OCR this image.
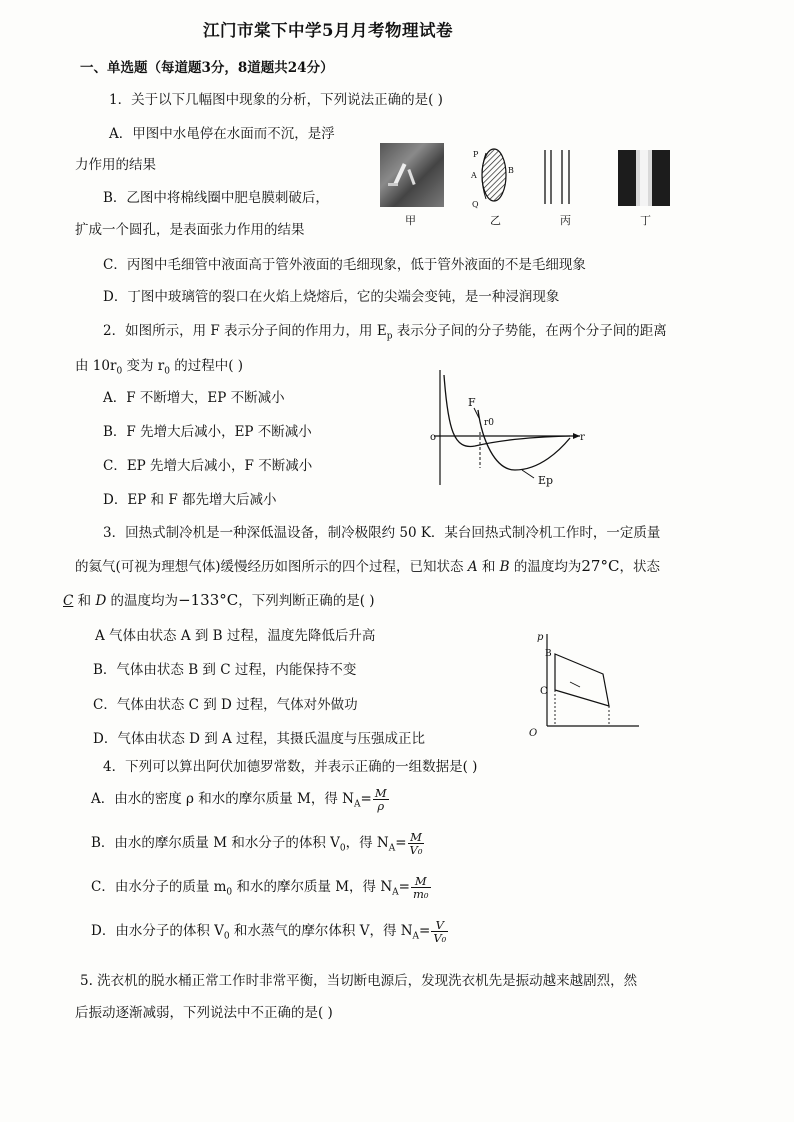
江门市棠下中学5月月考物理试卷
一、单选题（每道题3分，8道题共24分）
1．关于以下几幅图中现象的分析，下列说法正确的是( )
A．甲图中水黾停在水面而不沉，是浮
力作用的结果
B．乙图中将棉线圈中肥皂膜刺破后，
扩成一个圆孔，是表面张力作用的结果
C．丙图中毛细管中液面高于管外液面的毛细现象，低于管外液面的不是毛细现象
D．丁图中玻璃管的裂口在火焰上烧熔后，它的尖端会变钝，是一种浸润现象
甲
P
A
B
Q
乙	丙	丁
2．如图所示，用 F 表示分子间的作用力，用 $E_p$ 表示分子间的分子势能，在两个分子间的距离
由 $10r_0$ 变为 $r_0$ 的过程中( )
A．F 不断增大，EP 不断减小
B．F 先增大后减小，EP 不断减小
C．EP 先增大后减小，F 不断减小
D．EP 和 F 都先增大后减小
F
r0
o	r
Ep
3．回热式制冷机是一种深低温设备，制冷极限约 50 K．某台回热式制冷机工作时，一定质量
的氦气(可视为理想气体)缓慢经历如图所示的四个过程，已知状态 A 和 B 的温度均为27°C，状态
C 和 D 的温度均为−133°C，下列判断正确的是( )
A 气体由状态 A 到 B 过程，温度先降低后升高
B．气体由状态 B 到 C 过程，内能保持不变
C．气体由状态 C 到 D 过程，气体对外做功
D．气体由状态 D 到 A 过程，其摄氏温度与压强成正比
p
B
C
O
4．下列可以算出阿伏加德罗常数，并表示正确的一组数据是( )
A．由水的密度 ρ 和水的摩尔质量 M，得 $N_A= \frac{M}{\rho}$
B．由水的摩尔质量 M 和水分子的体积 $V_0$，得 $N_A= \frac{M}{\text{V₀}}$
C．由水分子的质量 $m_0$ 和水的摩尔质量 M，得 $N_A= \frac{M}{\text{m₀}}$
D．由水分子的体积 $V_0$ 和水蒸气的摩尔体积 V，得 $N_A= \frac{V}{\text{V₀}}$
5. 洗衣机的脱水桶正常工作时非常平衡，当切断电源后，发现洗衣机先是振动越来越剧烈，然
后振动逐渐减弱，下列说法中不正确的是( )
